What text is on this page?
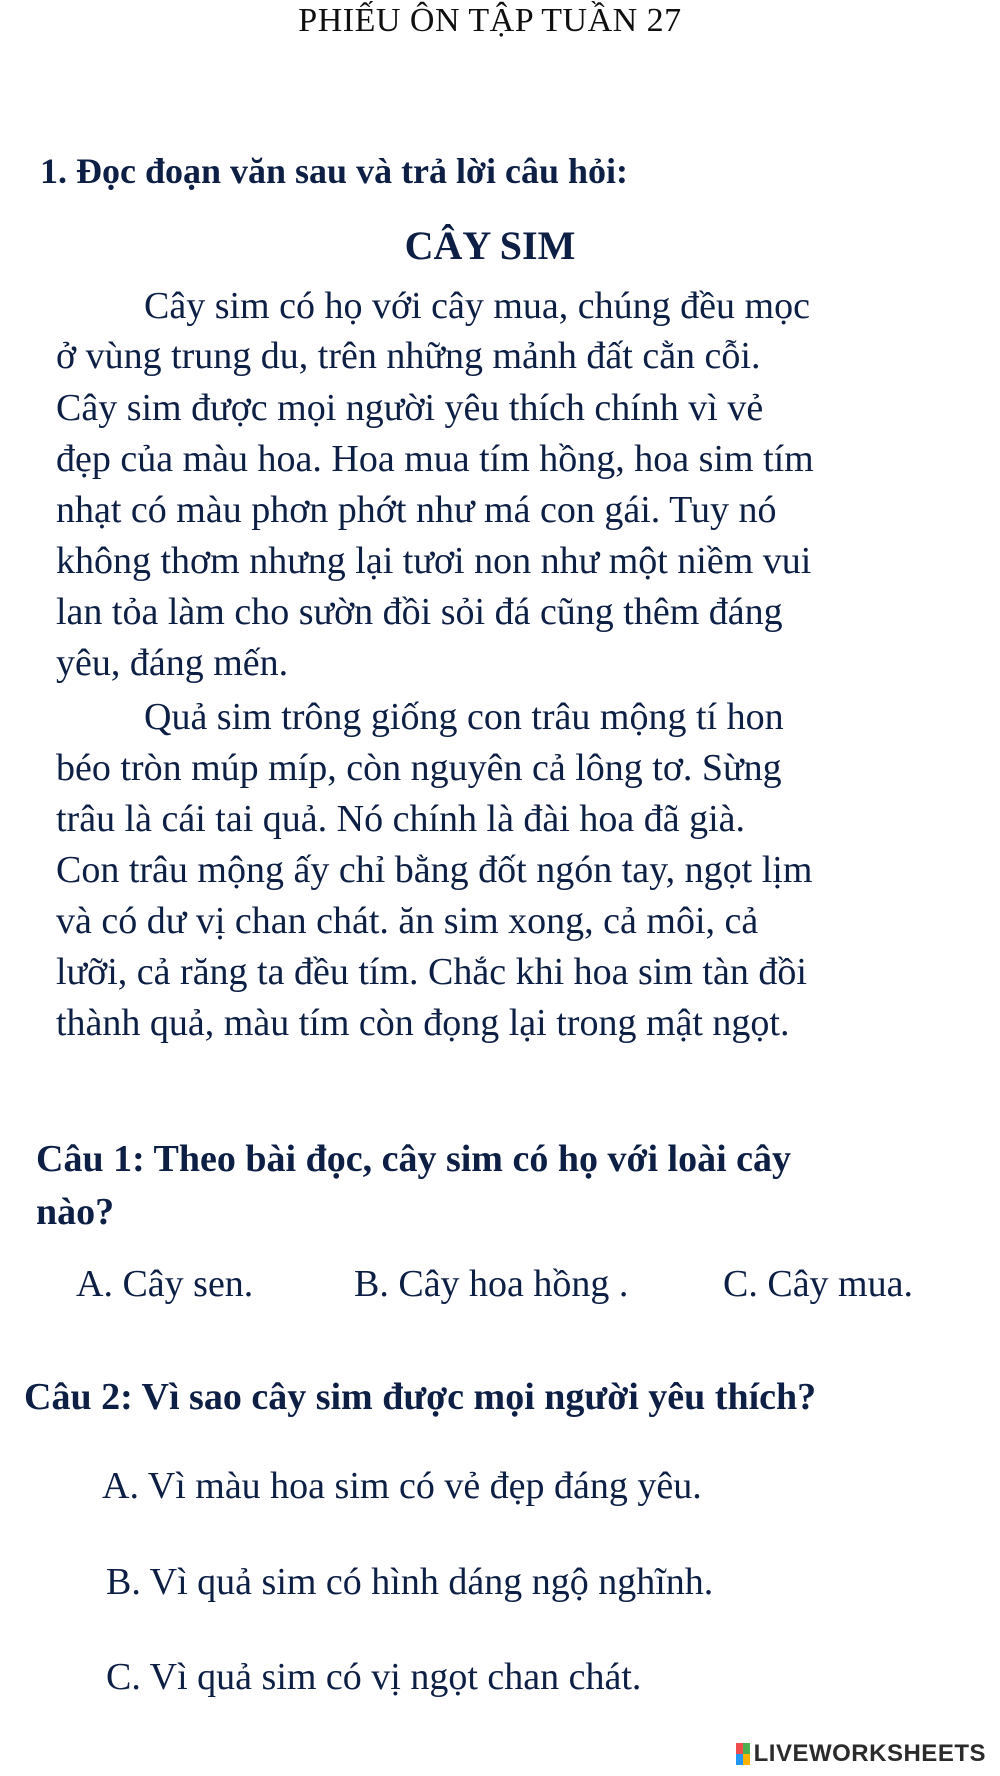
PHIẾU ÔN TẬP TUẦN 27
1. Đọc đoạn văn sau và trả lời câu hỏi:
CÂY SIM
Cây sim có họ với cây mua, chúng đều mọc
ở vùng trung du, trên những mảnh đất cằn cỗi.
Cây sim được mọi người yêu thích chính vì vẻ
đẹp của màu hoa. Hoa mua tím hồng, hoa sim tím
nhạt có màu phơn phớt như má con gái. Tuy nó
không thơm nhưng lại tươi non như một niềm vui
lan tỏa làm cho sườn đồi sỏi đá cũng thêm đáng
yêu, đáng mến.
Quả sim trông giống con trâu mộng tí hon
béo tròn múp míp, còn nguyên cả lông tơ. Sừng
trâu là cái tai quả. Nó chính là đài hoa đã già.
Con trâu mộng ấy chỉ bằng đốt ngón tay, ngọt lịm
và có dư vị chan chát. ăn sim xong, cả môi, cả
lưỡi, cả răng ta đều tím. Chắc khi hoa sim tàn đồi
thành quả, màu tím còn đọng lại trong mật ngọt.
Câu 1: Theo bài đọc, cây sim có họ với loài cây
nào?
A. Cây sen.	B. Cây hoa hồng . C. Cây mua.
Câu 2: Vì sao cây sim được mọi người yêu thích?
A. Vì màu hoa sim có vẻ đẹp đáng yêu.
B. Vì quả sim có hình dáng ngộ nghĩnh.
C. Vì quả sim có vị ngọt chan chát.
LIVEWORKSHEETS
